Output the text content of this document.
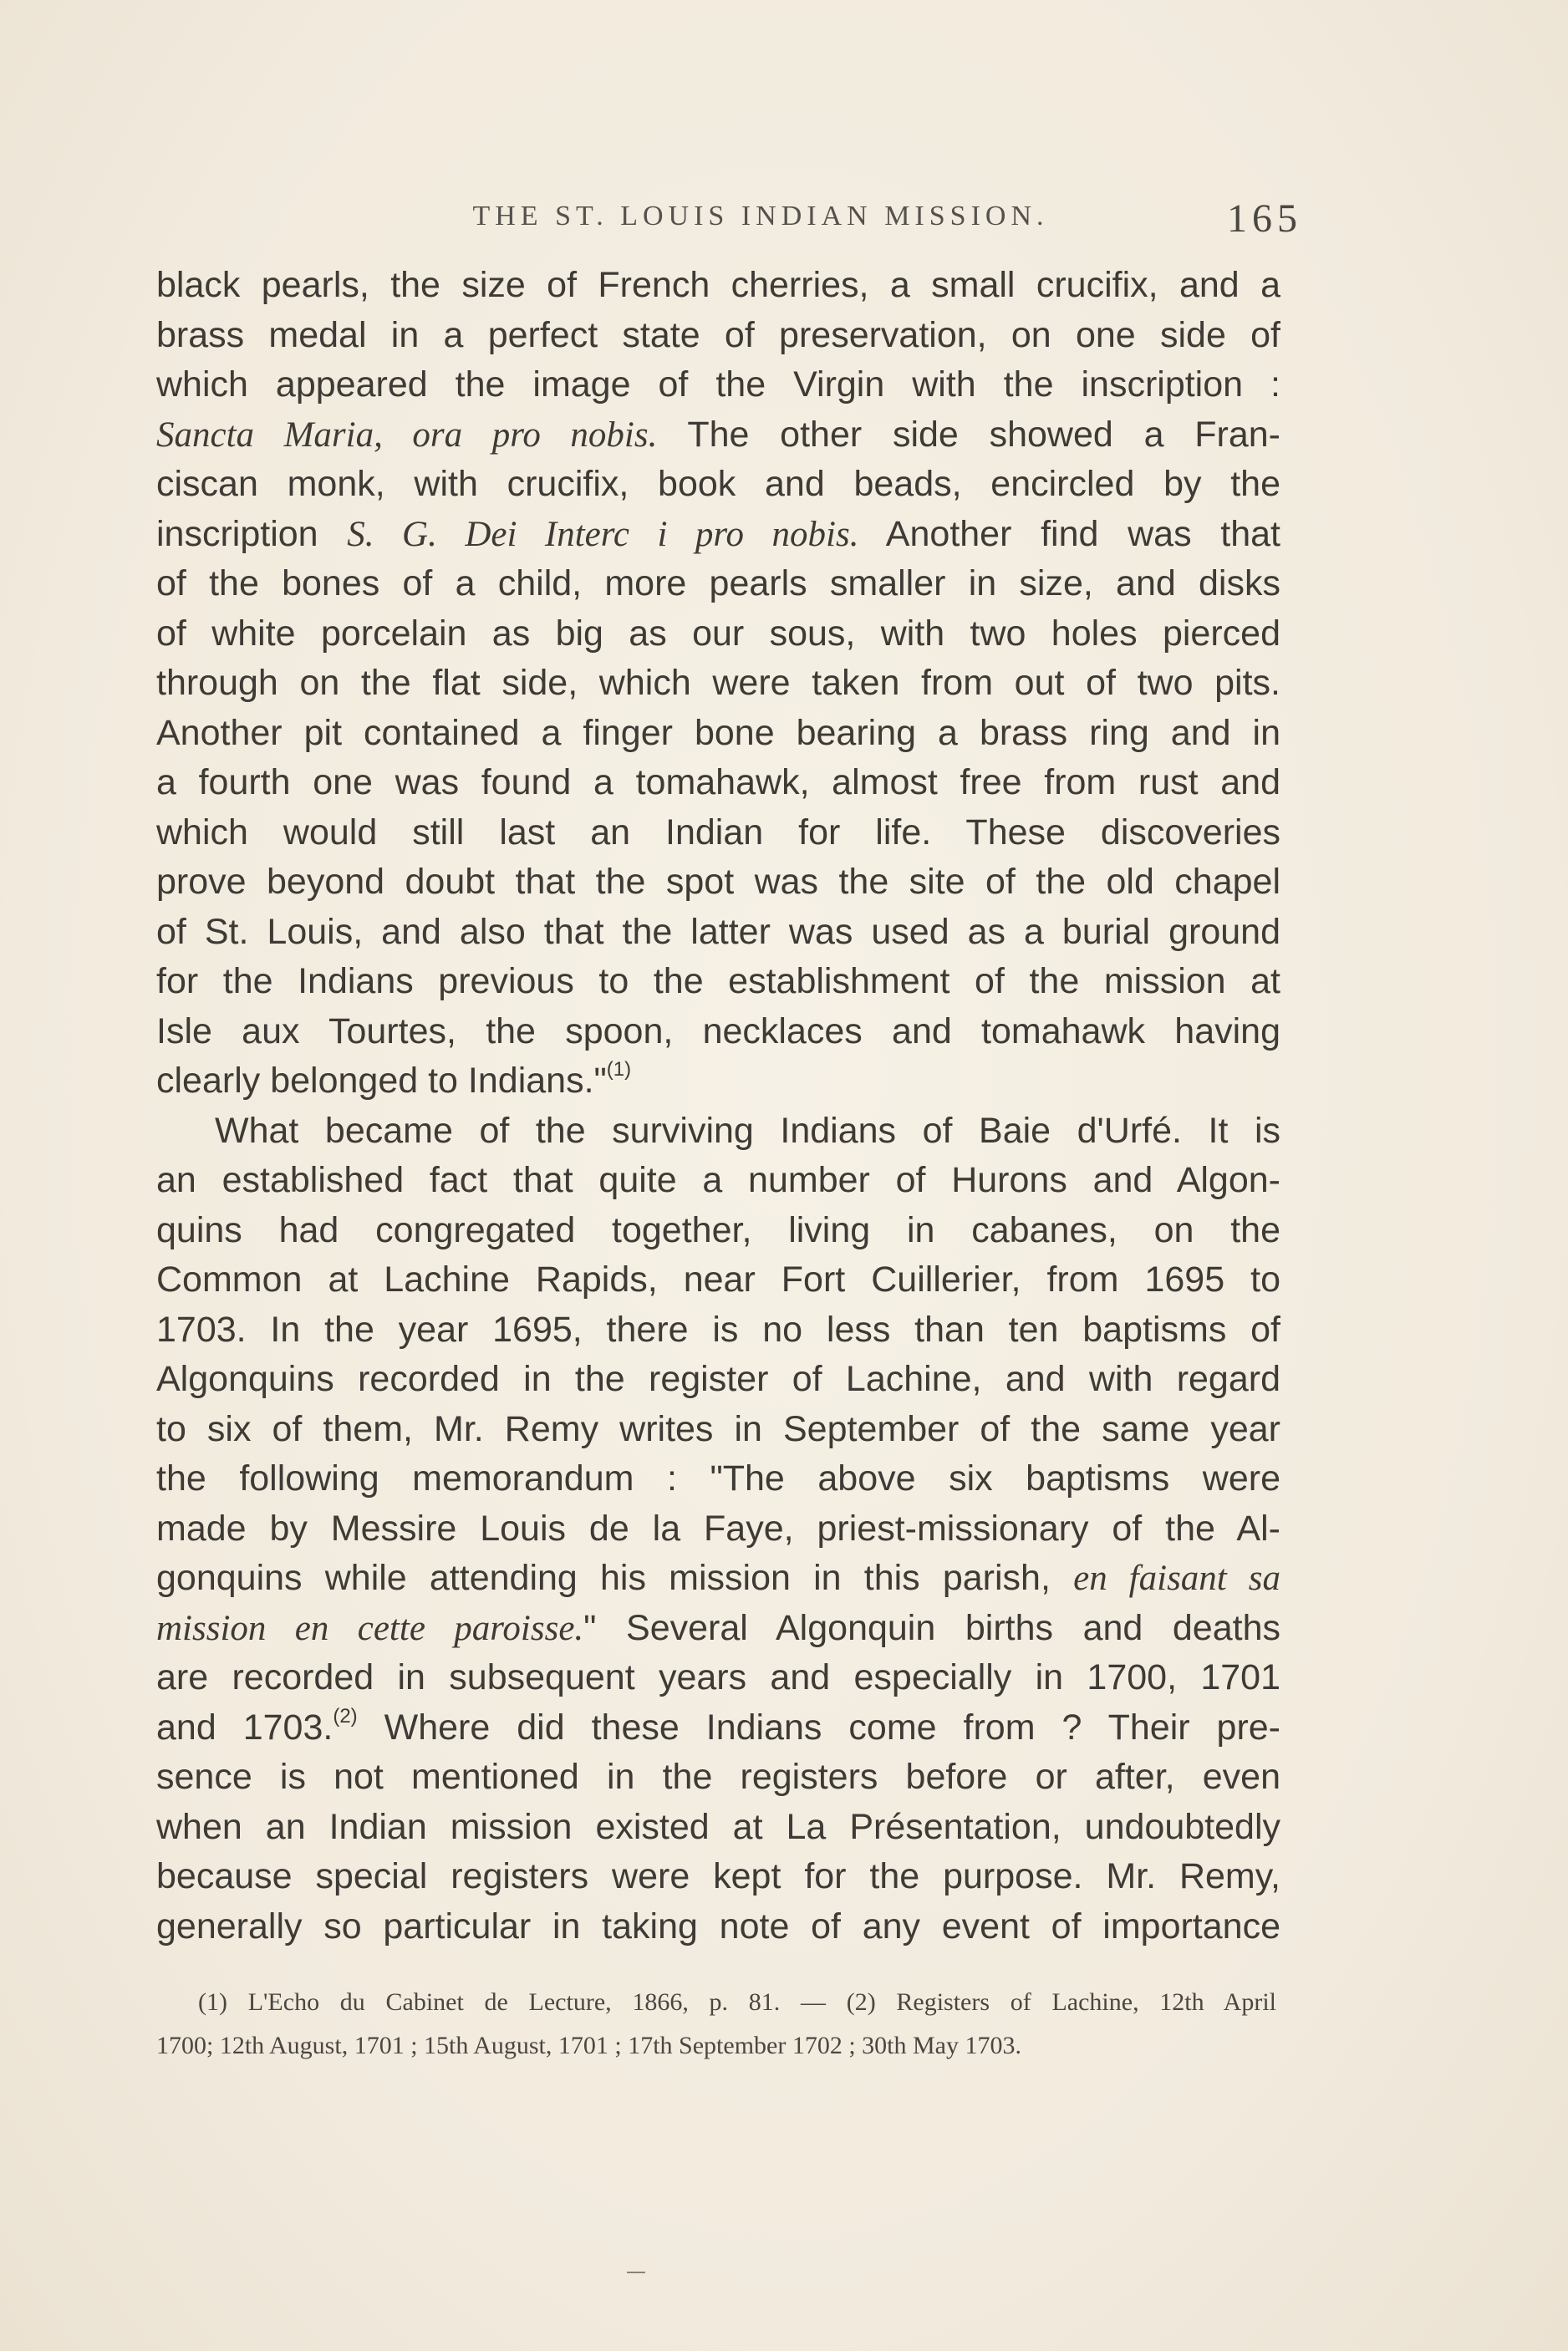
THE ST. LOUIS INDIAN MISSION.	165
black pearls, the size of French cherries, a small crucifix, and a
brass medal in a perfect state of preservation, on one side of
which appeared the image of the Virgin with the inscription :
Sancta Maria, ora pro nobis. The other side showed a Fran-
ciscan monk, with crucifix, book and beads, encircled by the
inscription S. G. Dei Interc i pro nobis. Another find was that
of the bones of a child, more pearls smaller in size, and disks
of white porcelain as big as our sous, with two holes pierced
through on the flat side, which were taken from out of two pits.
Another pit contained a finger bone bearing a brass ring and in
a fourth one was found a tomahawk, almost free from rust and
which would still last an Indian for life. These discoveries
prove beyond doubt that the spot was the site of the old chapel
of St. Louis, and also that the latter was used as a burial ground
for the Indians previous to the establishment of the mission at
Isle aux Tourtes, the spoon, necklaces and tomahawk having
clearly belonged to Indians."$^{(1)}$
What became of the surviving Indians of Baie d'Urfé. It is
an established fact that quite a number of Hurons and Algon-
quins had congregated together, living in cabanes, on the
Common at Lachine Rapids, near Fort Cuillerier, from 1695 to
1703. In the year 1695, there is no less than ten baptisms of
Algonquins recorded in the register of Lachine, and with regard
to six of them, Mr. Remy writes in September of the same year
the following memorandum : "The above six baptisms were
made by Messire Louis de la Faye, priest-missionary of the Al-
gonquins while attending his mission in this parish, en faisant sa
mission en cette paroisse." Several Algonquin births and deaths
are recorded in subsequent years and especially in 1700, 1701
and 1703.$^{(2)}$ Where did these Indians come from ? Their pre-
sence is not mentioned in the registers before or after, even
when an Indian mission existed at La Présentation, undoubtedly
because special registers were kept for the purpose. Mr. Remy,
generally so particular in taking note of any event of importance
(1) L'Echo du Cabinet de Lecture, 1866, p. 81. — (2) Registers of Lachine, 12th April
1700; 12th August, 1701 ; 15th August, 1701 ; 17th September 1702 ; 30th May 1703.
